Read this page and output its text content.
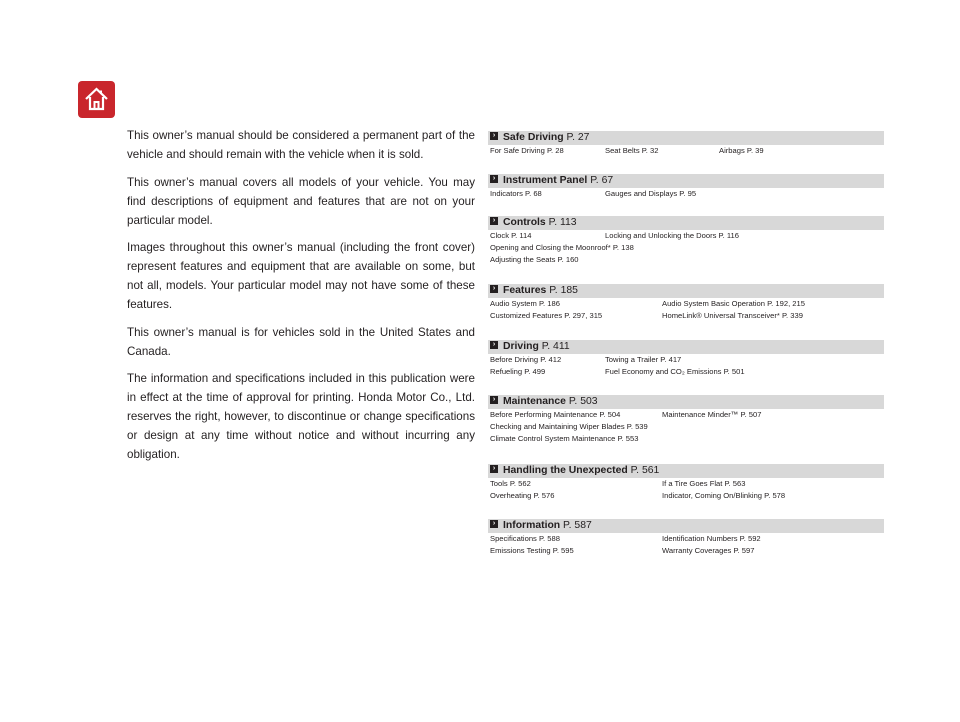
This owner’s manual should be considered a permanent part of the vehicle and should remain with the vehicle when it is sold.

This owner’s manual covers all models of your vehicle. You may find descriptions of equipment and features that are not on your particular model.

Images throughout this owner’s manual (including the front cover) represent features and equipment that are available on some, but not all, models. Your particular model may not have some of these features.

This owner’s manual is for vehicles sold in the United States and Canada.

The information and specifications included in this publication were in effect at the time of approval for printing. Honda Motor Co., Ltd. reserves the right, however, to discontinue or change specifications or design at any time without notice and without incurring any obligation.

› Safe Driving P. 27
For Safe Driving P. 28	Seat Belts P. 32	Airbags P. 39
› Instrument Panel P. 67
Indicators P. 68	Gauges and Displays P. 95
› Controls P. 113
Clock P. 114	Locking and Unlocking the Doors P. 116
Opening and Closing the Moonroof* P. 138
Adjusting the Seats P. 160
› Features P. 185
Audio System P. 186	Audio System Basic Operation P. 192, 215
Customized Features P. 297, 315	HomeLink® Universal Transceiver* P. 339
› Driving P. 411
Before Driving P. 412	Towing a Trailer P. 417
Refueling P. 499	Fuel Economy and CO₂ Emissions P. 501
› Maintenance P. 503
Before Performing Maintenance P. 504	Maintenance Minder™ P. 507
Checking and Maintaining Wiper Blades P. 539
Climate Control System Maintenance P. 553
› Handling the Unexpected P. 561
Tools P. 562	If a Tire Goes Flat P. 563
Overheating P. 576	Indicator, Coming On/Blinking P. 578
› Information P. 587
Specifications P. 588	Identification Numbers P. 592
Emissions Testing P. 595	Warranty Coverages P. 597
